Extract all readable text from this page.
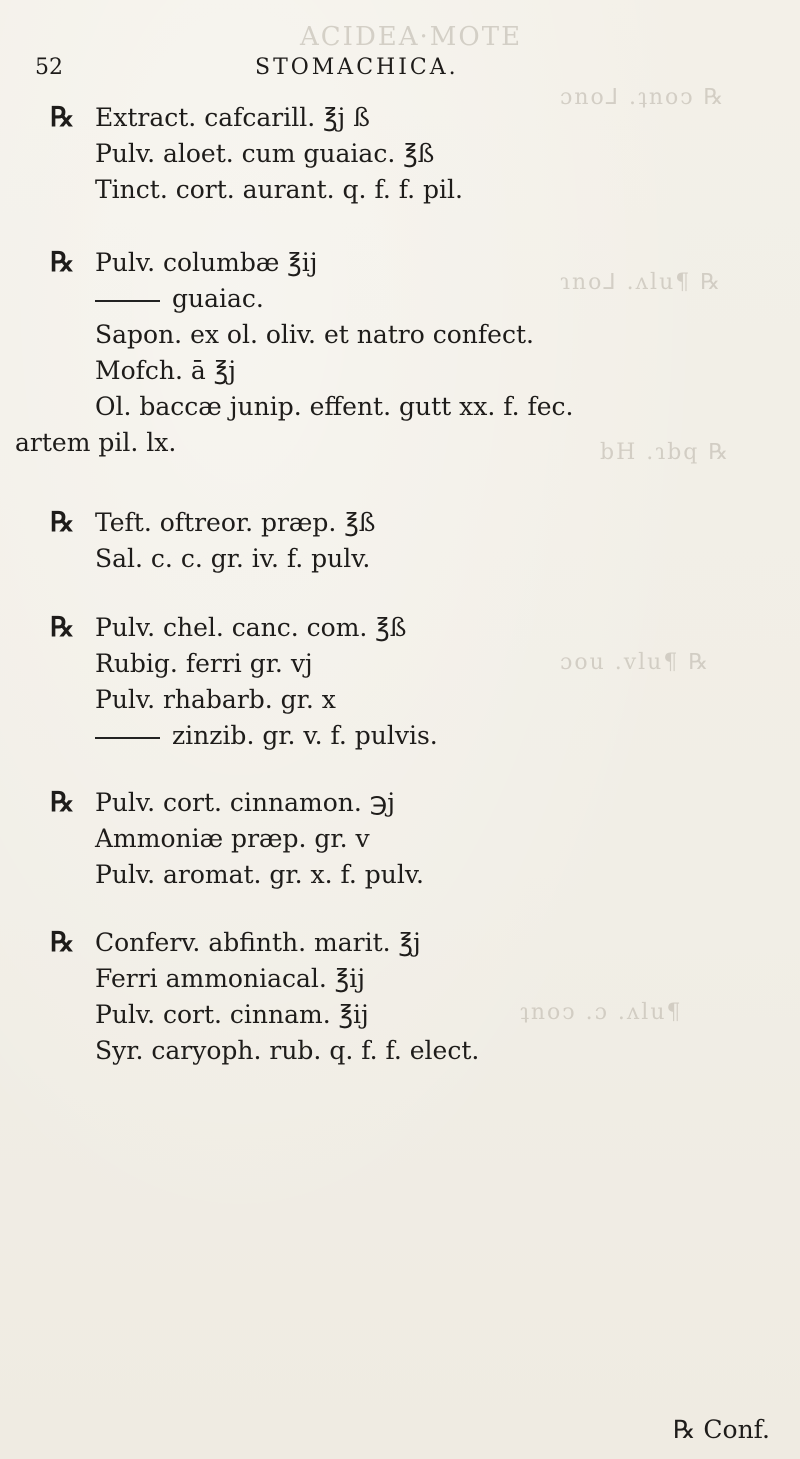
ACIDEA·MOTE
ɔno⅃ .ʇnoↄ ℞
ɿno⅃ .ʌlu¶ ℞
bH .ɿbq ℞
ɔou .vlu¶ ℞
ʇnoↄ .ɔ .ʌlu¶
52	STOMACHICA.
℞ Extract. cafcarill. ℥j ß
Pulv. aloet. cum guaiac. ℥ß
Tinct. cort. aurant. q. f. f. pil.
℞ Pulv. columbæ ℥ij
guaiac.
Sapon. ex ol. oliv. et natro confect.
Mofch. ā ℥j
Ol. baccæ junip. effent. gutt xx. f. fec.
artem pil. lx.
℞ Teft. oftreor. præp. ℥ß
Sal. c. c. gr. iv. f. pulv.
℞ Pulv. chel. canc. com. ℥ß
Rubig. ferri gr. vj
Pulv. rhabarb. gr. x
zinzib. gr. v. f. pulvis.
℞ Pulv. cort. cinnamon. ℈j
Ammoniæ præp. gr. v
Pulv. aromat. gr. x. f. pulv.
℞ Conferv. abfinth. marit. ℥j
Ferri ammoniacal. ℥ij
Pulv. cort. cinnam. ℥ij
Syr. caryoph. rub. q. f. f. elect.
℞ Conf.
